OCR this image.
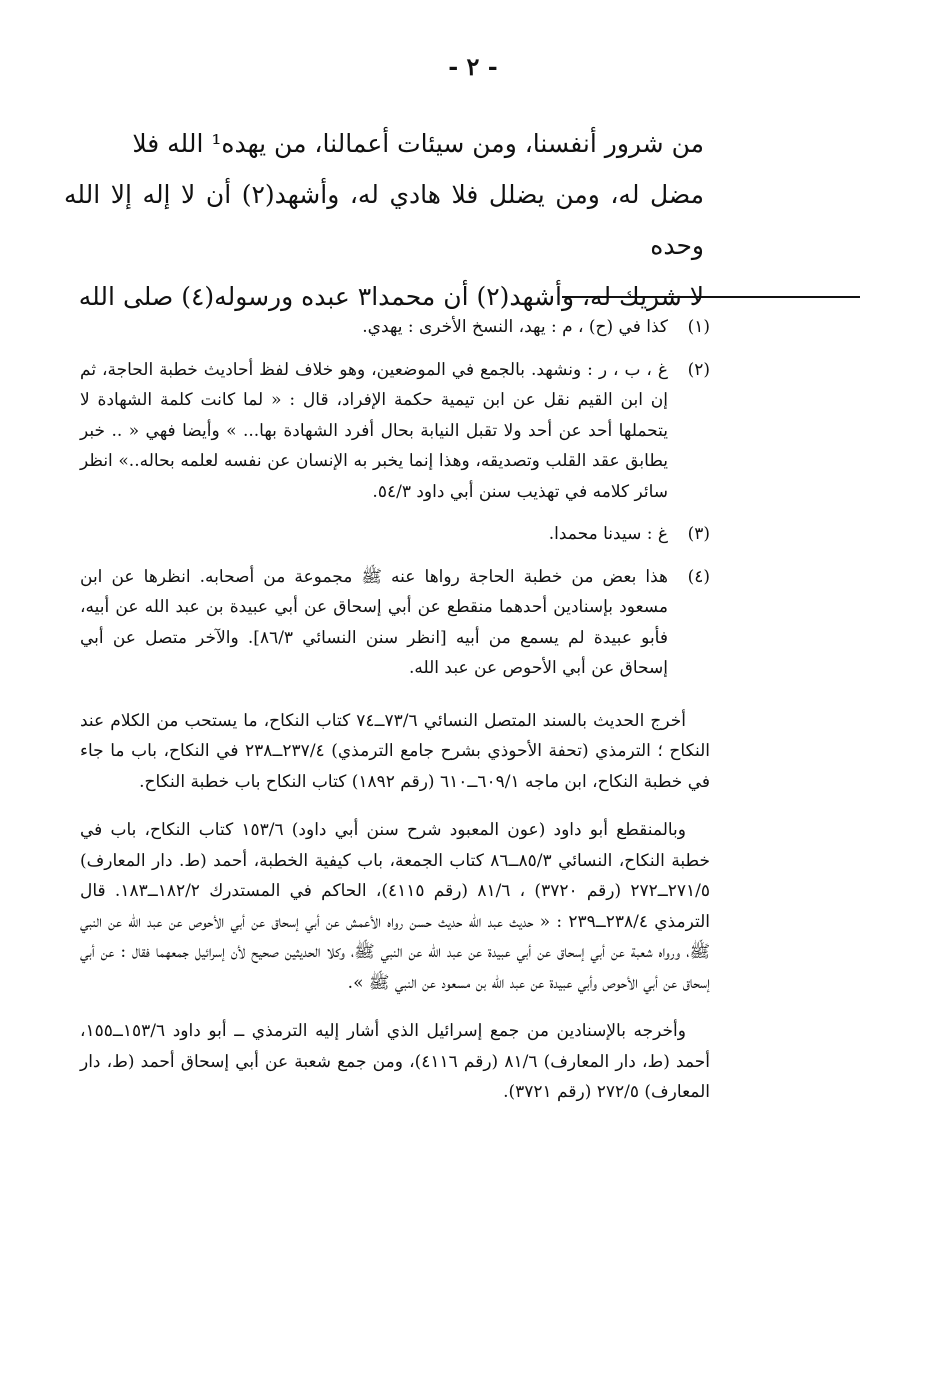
- ٢ -

من شرور أنفسنا، ومن سيئات أعمالنا، من يهده¹ الله فلا

مضل له، ومن يضلل فلا هادي له، وأشهد(٢) أن لا إله إلا الله وحده

لا شريك له، وأشهد(٢) أن محمدا٣ عبده ورسوله(٤) صلى الله

(١)
كذا في (ح) ، م : يهد، النسخ الأخرى : يهدي.
(٢)
غ ، ب ، ر : ونشهد. بالجمع في الموضعين، وهو خلاف لفظ أحاديث خطبة الحاجة، ثم إن ابن القيم نقل عن ابن تيمية حكمة الإفراد، قال : « لما كانت كلمة الشهادة لا يتحملها أحد عن أحد ولا تقبل النيابة بحال أفرد الشهادة بها... » وأيضا فهي « .. خبر يطابق عقد القلب وتصديقه، وهذا إنما يخبر به الإنسان عن نفسه لعلمه بحاله..» انظر سائر كلامه في تهذيب سنن أبي داود ٥٤/٣.
(٣)
غ : سيدنا محمدا.
(٤)
هذا بعض من خطبة الحاجة رواها عنه ﷺ مجموعة من أصحابه. انظرها عن ابن مسعود بإسنادين أحدهما منقطع عن أبي إسحاق عن أبي عبيدة بن عبد الله عن أبيه، فأبو عبيدة لم يسمع من أبيه [انظر سنن النسائي ٨٦/٣]. والآخر متصل عن أبي إسحاق عن أبي الأحوص عن عبد الله.

أخرج الحديث بالسند المتصل النسائي ٧٣/٦ــ٧٤ كتاب النكاح، ما يستحب من الكلام عند النكاح ؛ الترمذي (تحفة الأحوذي بشرح جامع الترمذي) ٢٣٧/٤ــ٢٣٨ في النكاح، باب ما جاء في خطبة النكاح، ابن ماجه ٦٠٩/١ــ٦١٠ (رقم ١٨٩٢) كتاب النكاح باب خطبة النكاح.

وبالمنقطع أبو داود (عون المعبود شرح سنن أبي داود) ١٥٣/٦ كتاب النكاح، باب في خطبة النكاح، النسائي ٨٥/٣ــ٨٦ كتاب الجمعة، باب كيفية الخطبة، أحمد (ط. دار المعارف) ٢٧١/٥ــ٢٧٢ (رقم ٣٧٢٠) ، ٨١/٦ (رقم ٤١١٥)، الحاكم في المستدرك ١٨٢/٢ــ١٨٣. قال الترمذي ٢٣٨/٤ــ٢٣٩ : « حديث عبد الله حديث حسن رواه الأعمش عن أبي إسحاق عن أبي الأحوص عن عبد الله عن النبي ﷺ، ورواه شعبة عن أبي إسحاق عن أبي عبيدة عن عبد الله عن النبي ﷺ، وكلا الحديثين صحيح لأن إسرائيل جمعهما فقال : عن أبي إسحاق عن أبي الأحوص وأبي عبيدة عن عبد الله بن مسعود عن النبي ﷺ ».

وأخرجه بالإسنادين من جمع إسرائيل الذي أشار إليه الترمذي ــ أبو داود ١٥٣/٦ــ١٥٥، أحمد (ط، دار المعارف) ٨١/٦ (رقم ٤١١٦)، ومن جمع شعبة عن أبي إسحاق أحمد (ط، دار المعارف) ٢٧٢/٥ (رقم ٣٧٢١).
